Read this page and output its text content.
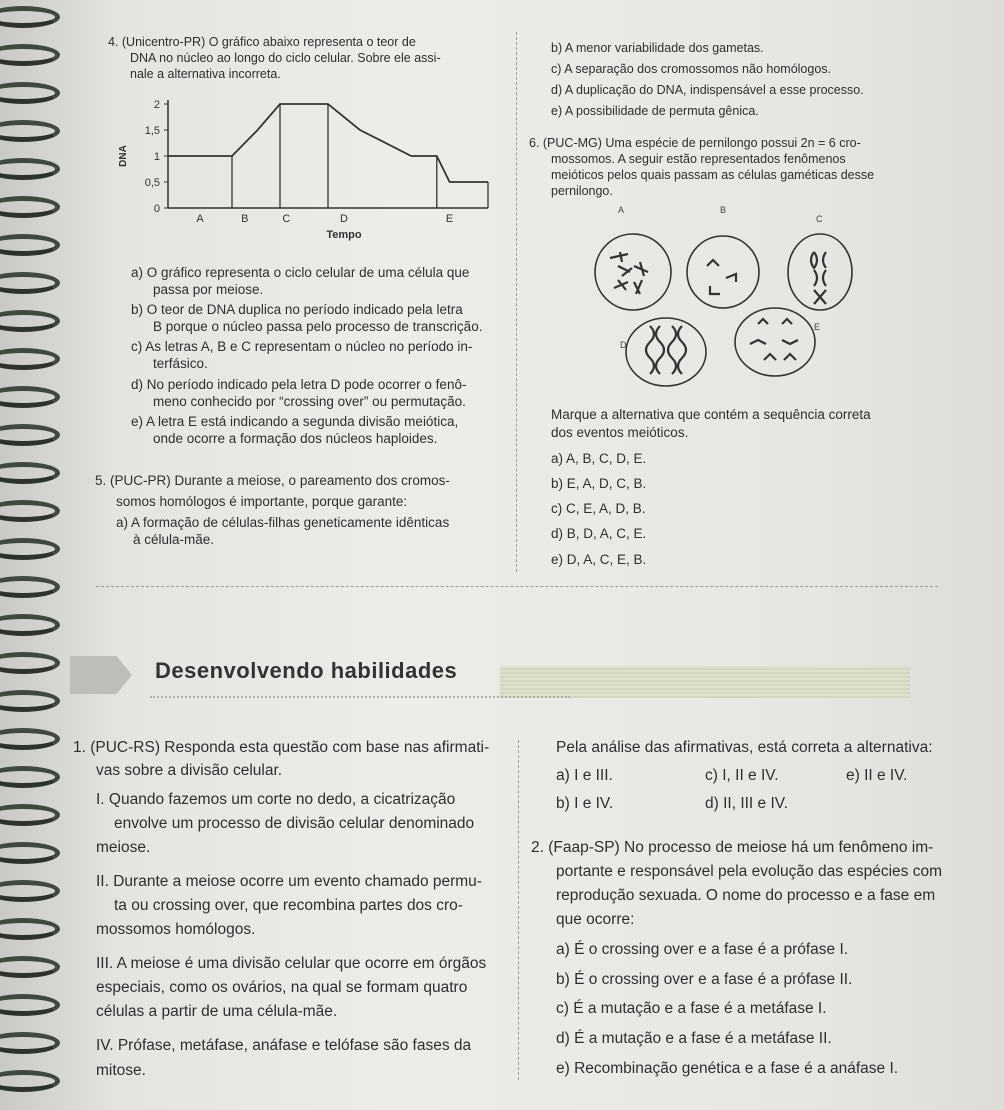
4. (Unicentro-PR) O gráfico abaixo representa o teor de
DNA no núcleo ao longo do ciclo celular. Sobre ele assi-
nale a alternativa incorreta.
2
1,5
1
0,5
0
DNA
A	B	C	D	E
Tempo
a) O gráfico representa o ciclo celular de uma célula que
passa por meiose.
b) O teor de DNA duplica no período indicado pela letra
B porque o núcleo passa pelo processo de transcrição.
c) As letras A, B e C representam o núcleo no período in-
terfásico.
d) No período indicado pela letra D pode ocorrer o fenô-
meno conhecido por “crossing over” ou permutação.
e) A letra E está indicando a segunda divisão meiótica,
onde ocorre a formação dos núcleos haploides.
5. (PUC-PR) Durante a meiose, o pareamento dos cromos-
somos homólogos é importante, porque garante:
a) A formação de células-filhas geneticamente idênticas
à célula-mãe.
b) A menor variabilidade dos gametas.
c) A separação dos cromossomos não homólogos.
d) A duplicação do DNA, indispensável a esse processo.
e) A possibilidade de permuta gênica.
6. (PUC-MG) Uma espécie de pernilongo possui 2n = 6 cro-
mossomos. A seguir estão representados fenômenos
meióticos pelos quais passam as células gaméticas desse
pernilongo.
A	B
C
D
E
Marque a alternativa que contém a sequência correta
dos eventos meióticos.
a) A, B, C, D, E.
b) E, A, D, C, B.
c) C, E, A, D, B.
d) B, D, A, C, E.
e) D, A, C, E, B.
Desenvolvendo habilidades
1. (PUC-RS) Responda esta questão com base nas afirmati-
vas sobre a divisão celular.
I. Quando fazemos um corte no dedo, a cicatrização
envolve um processo de divisão celular denominado
meiose.
II. Durante a meiose ocorre um evento chamado permu-
ta ou crossing over, que recombina partes dos cro-
mossomos homólogos.
III. A meiose é uma divisão celular que ocorre em órgãos
especiais, como os ovários, na qual se formam quatro
células a partir de uma célula-mãe.
IV. Prófase, metáfase, anáfase e telófase são fases da
mitose.
Pela análise das afirmativas, está correta a alternativa:
a) I e III.	c) I, II e IV.	e) II e IV.
b) I e IV.	d) II, III e IV.
2. (Faap-SP) No processo de meiose há um fenômeno im-
portante e responsável pela evolução das espécies com
reprodução sexuada. O nome do processo e a fase em
que ocorre:
a) É o crossing over e a fase é a prófase I.
b) É o crossing over e a fase é a prófase II.
c) É a mutação e a fase é a metáfase I.
d) É a mutação e a fase é a metáfase II.
e) Recombinação genética e a fase é a anáfase I.
